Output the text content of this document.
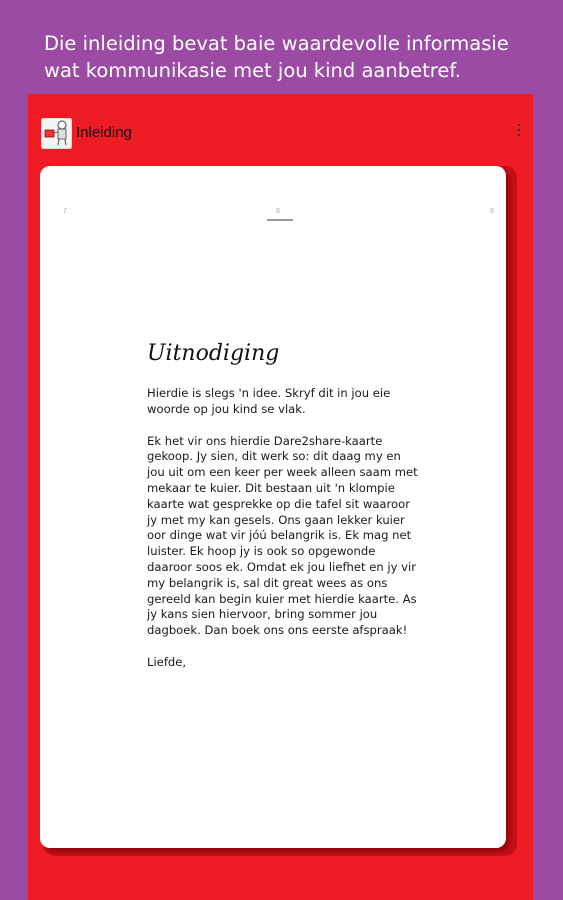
Die inleiding bevat baie waardevolle informasie wat kommunikasie met jou kind aanbetref.
Inleiding
7	8	9
Uitnodiging

Hierdie is slegs 'n idee. Skryf dit in jou eie woorde op jou kind se vlak.

Ek het vir ons hierdie Dare2share-kaarte gekoop. Jy sien, dit werk so: dit daag my en jou uit om een keer per week alleen saam met mekaar te kuier. Dit bestaan uit 'n klompie kaarte wat gesprekke op die tafel sit waaroor jy met my kan gesels. Ons gaan lekker kuier oor dinge wat vir jóú belangrik is. Ek mag net luister. Ek hoop jy is ook so opgewonde daaroor soos ek. Omdat ek jou liefhet en jy vir my belangrik is, sal dit great wees as ons gereeld kan begin kuier met hierdie kaarte. As jy kans sien hiervoor, bring sommer jou dagboek. Dan boek ons ons eerste afspraak!

Liefde,
